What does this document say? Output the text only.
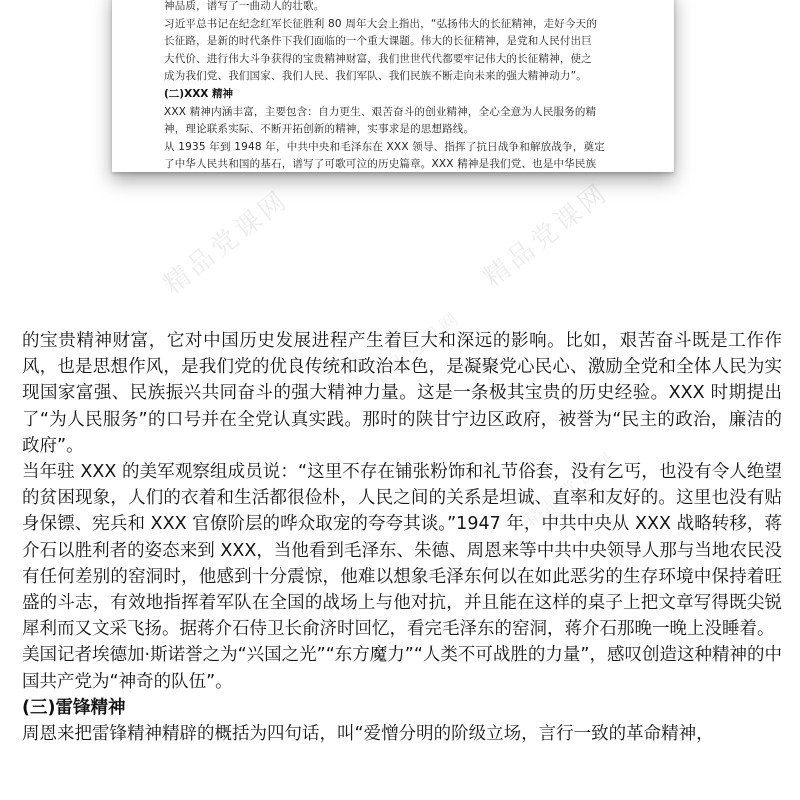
精品党课网	精品党课网
精品党课网
精品党课网

神品质，谱写了一曲动人的壮歌。

习近平总书记在纪念红军长征胜利 80 周年大会上指出，“弘扬伟大的长征精神，走好今天的

长征路，是新的时代条件下我们面临的一个重大课题。伟大的长征精神，是党和人民付出巨

大代价、进行伟大斗争获得的宝贵精神财富，我们世世代代都要牢记伟大的长征精神，使之

成为我们党、我们国家、我们人民、我们军队、我们民族不断走向未来的强大精神动力”。

(二)XXX 精神

XXX 精神内涵丰富，主要包含：自力更生、艰苦奋斗的创业精神，全心全意为人民服务的精

神，理论联系实际、不断开拓创新的精神，实事求是的思想路线。

从 1935 年到 1948 年，中共中央和毛泽东在 XXX 领导、指挥了抗日战争和解放战争，奠定

了中华人民共和国的基石，谱写了可歌可泣的历史篇章。XXX 精神是我们党、也是中华民族

的宝贵精神财富，它对中国历史发展进程产生着巨大和深远的影响。比如，艰苦奋斗既是工作作风，也是思想作风，是我们党的优良传统和政治本色，是凝聚党心民心、激励全党和全体人民为实现国家富强、民族振兴共同奋斗的强大精神力量。这是一条极其宝贵的历史经验。XXX 时期提出了“为人民服务”的口号并在全党认真实践。那时的陕甘宁边区政府，被誉为“民主的政治，廉洁的政府”。

当年驻 XXX 的美军观察组成员说：“这里不存在铺张粉饰和礼节俗套，没有乞丐，也没有令人绝望的贫困现象，人们的衣着和生活都很俭朴，人民之间的关系是坦诚、直率和友好的。这里也没有贴身保镖、宪兵和 XXX 官僚阶层的哗众取宠的夸夸其谈。”1947 年，中共中央从 XXX 战略转移，蒋介石以胜利者的姿态来到 XXX，当他看到毛泽东、朱德、周恩来等中共中央领导人那与当地农民没有任何差别的窑洞时，他感到十分震惊，他难以想象毛泽东何以在如此恶劣的生存环境中保持着旺盛的斗志，有效地指挥着军队在全国的战场上与他对抗，并且能在这样的桌子上把文章写得既尖锐犀利而又文采飞扬。据蒋介石侍卫长俞济时回忆，看完毛泽东的窑洞，蒋介石那晚一晚上没睡着。

美国记者埃德加·斯诺誉之为“兴国之光”“东方魔力”“人类不可战胜的力量”，感叹创造这种精神的中国共产党为“神奇的队伍”。

(三)雷锋精神

周恩来把雷锋精神精辟的概括为四句话，叫“爱憎分明的阶级立场，言行一致的革命精神，
